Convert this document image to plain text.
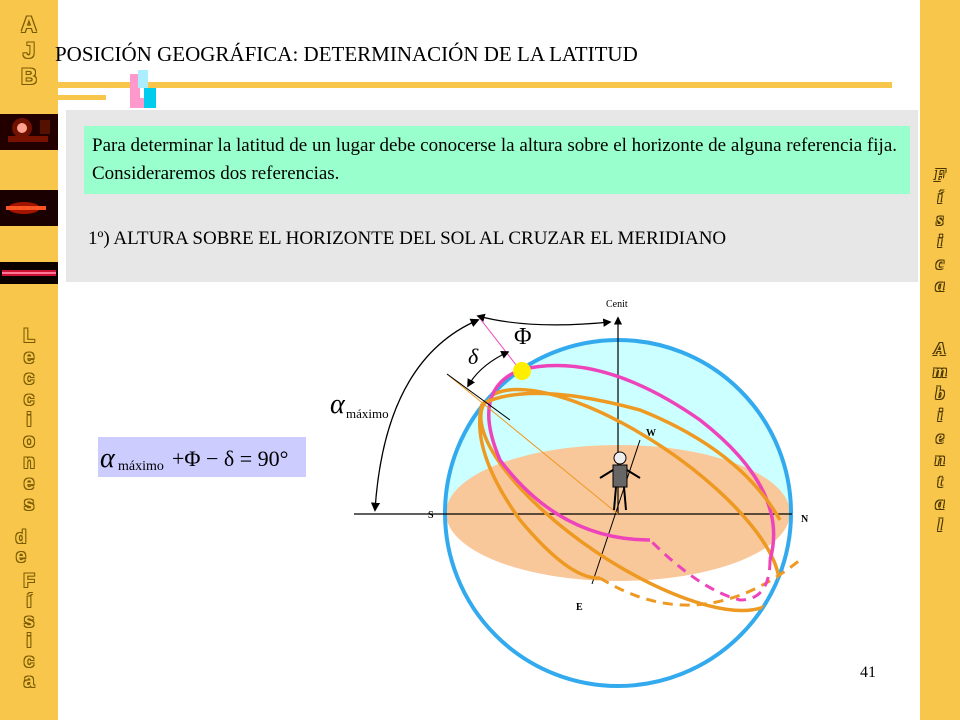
A
J
B
L
e
c
c
i
o
n
e
s
d
e
F
í
s
i
c
a
F
í
s
i
c
a
A
m
b
i
e
n
t
a
l
POSICIÓN GEOGRÁFICA: DETERMINACIÓN DE LA LATITUD
Para determinar la latitud de un lugar debe conocerse la altura sobre el horizonte de alguna referencia fija. Consideraremos dos referencias.
1º) ALTURA SOBRE EL HORIZONTE DEL SOL AL CRUZAR EL MERIDIANO
α máximo +Φ − δ = 90°
Cenit
W
S	N
E
Φ
δ
α máximo
41
